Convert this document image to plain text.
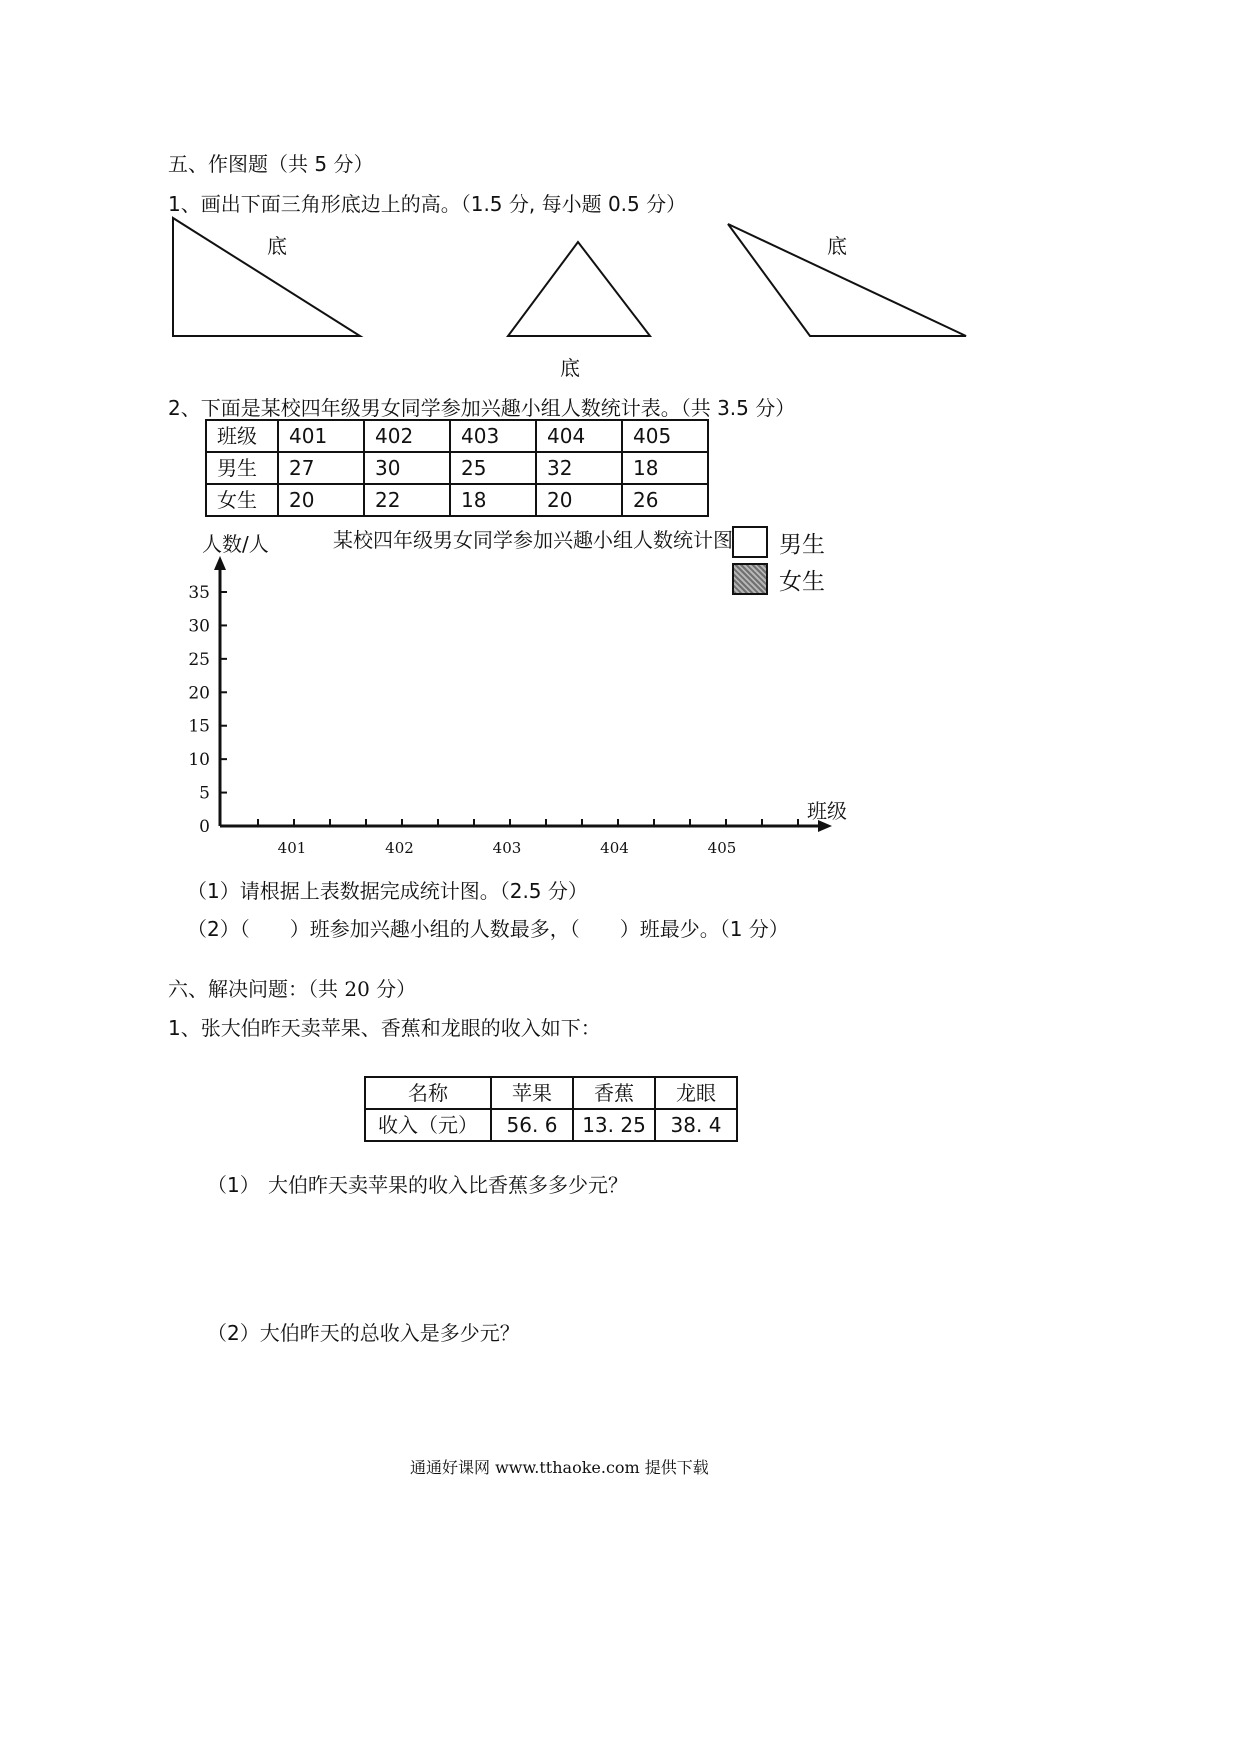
五、作图题（共 5 分）
1、画出下面三角形底边上的高。（1.5 分, 每小题 0.5 分）
底
底
底
2、下面是某校四年级男女同学参加兴趣小组人数统计表。（共 3.5 分）
班级	401	402	403	404	405
男生	27	30	25	32	18
女生	20	22	18	20	26
人数/人	某校四年级男女同学参加兴趣小组人数统计图 男生
女生
0
5
10
15
20
25
30
35
401	402	403	404	405
班级
（1）请根据上表数据完成统计图。（2.5 分）
（2）（　　）班参加兴趣小组的人数最多，（　　）班最少。（1 分）
六、解决问题：（共 20 分）
1、张大伯昨天卖苹果、香蕉和龙眼的收入如下：
名称	苹果	香蕉	龙眼
收入（元）	56. 6	13. 25	38. 4
（1） 大伯昨天卖苹果的收入比香蕉多多少元？
（2）大伯昨天的总收入是多少元？
通通好课网 www.tthaoke.com 提供下载
